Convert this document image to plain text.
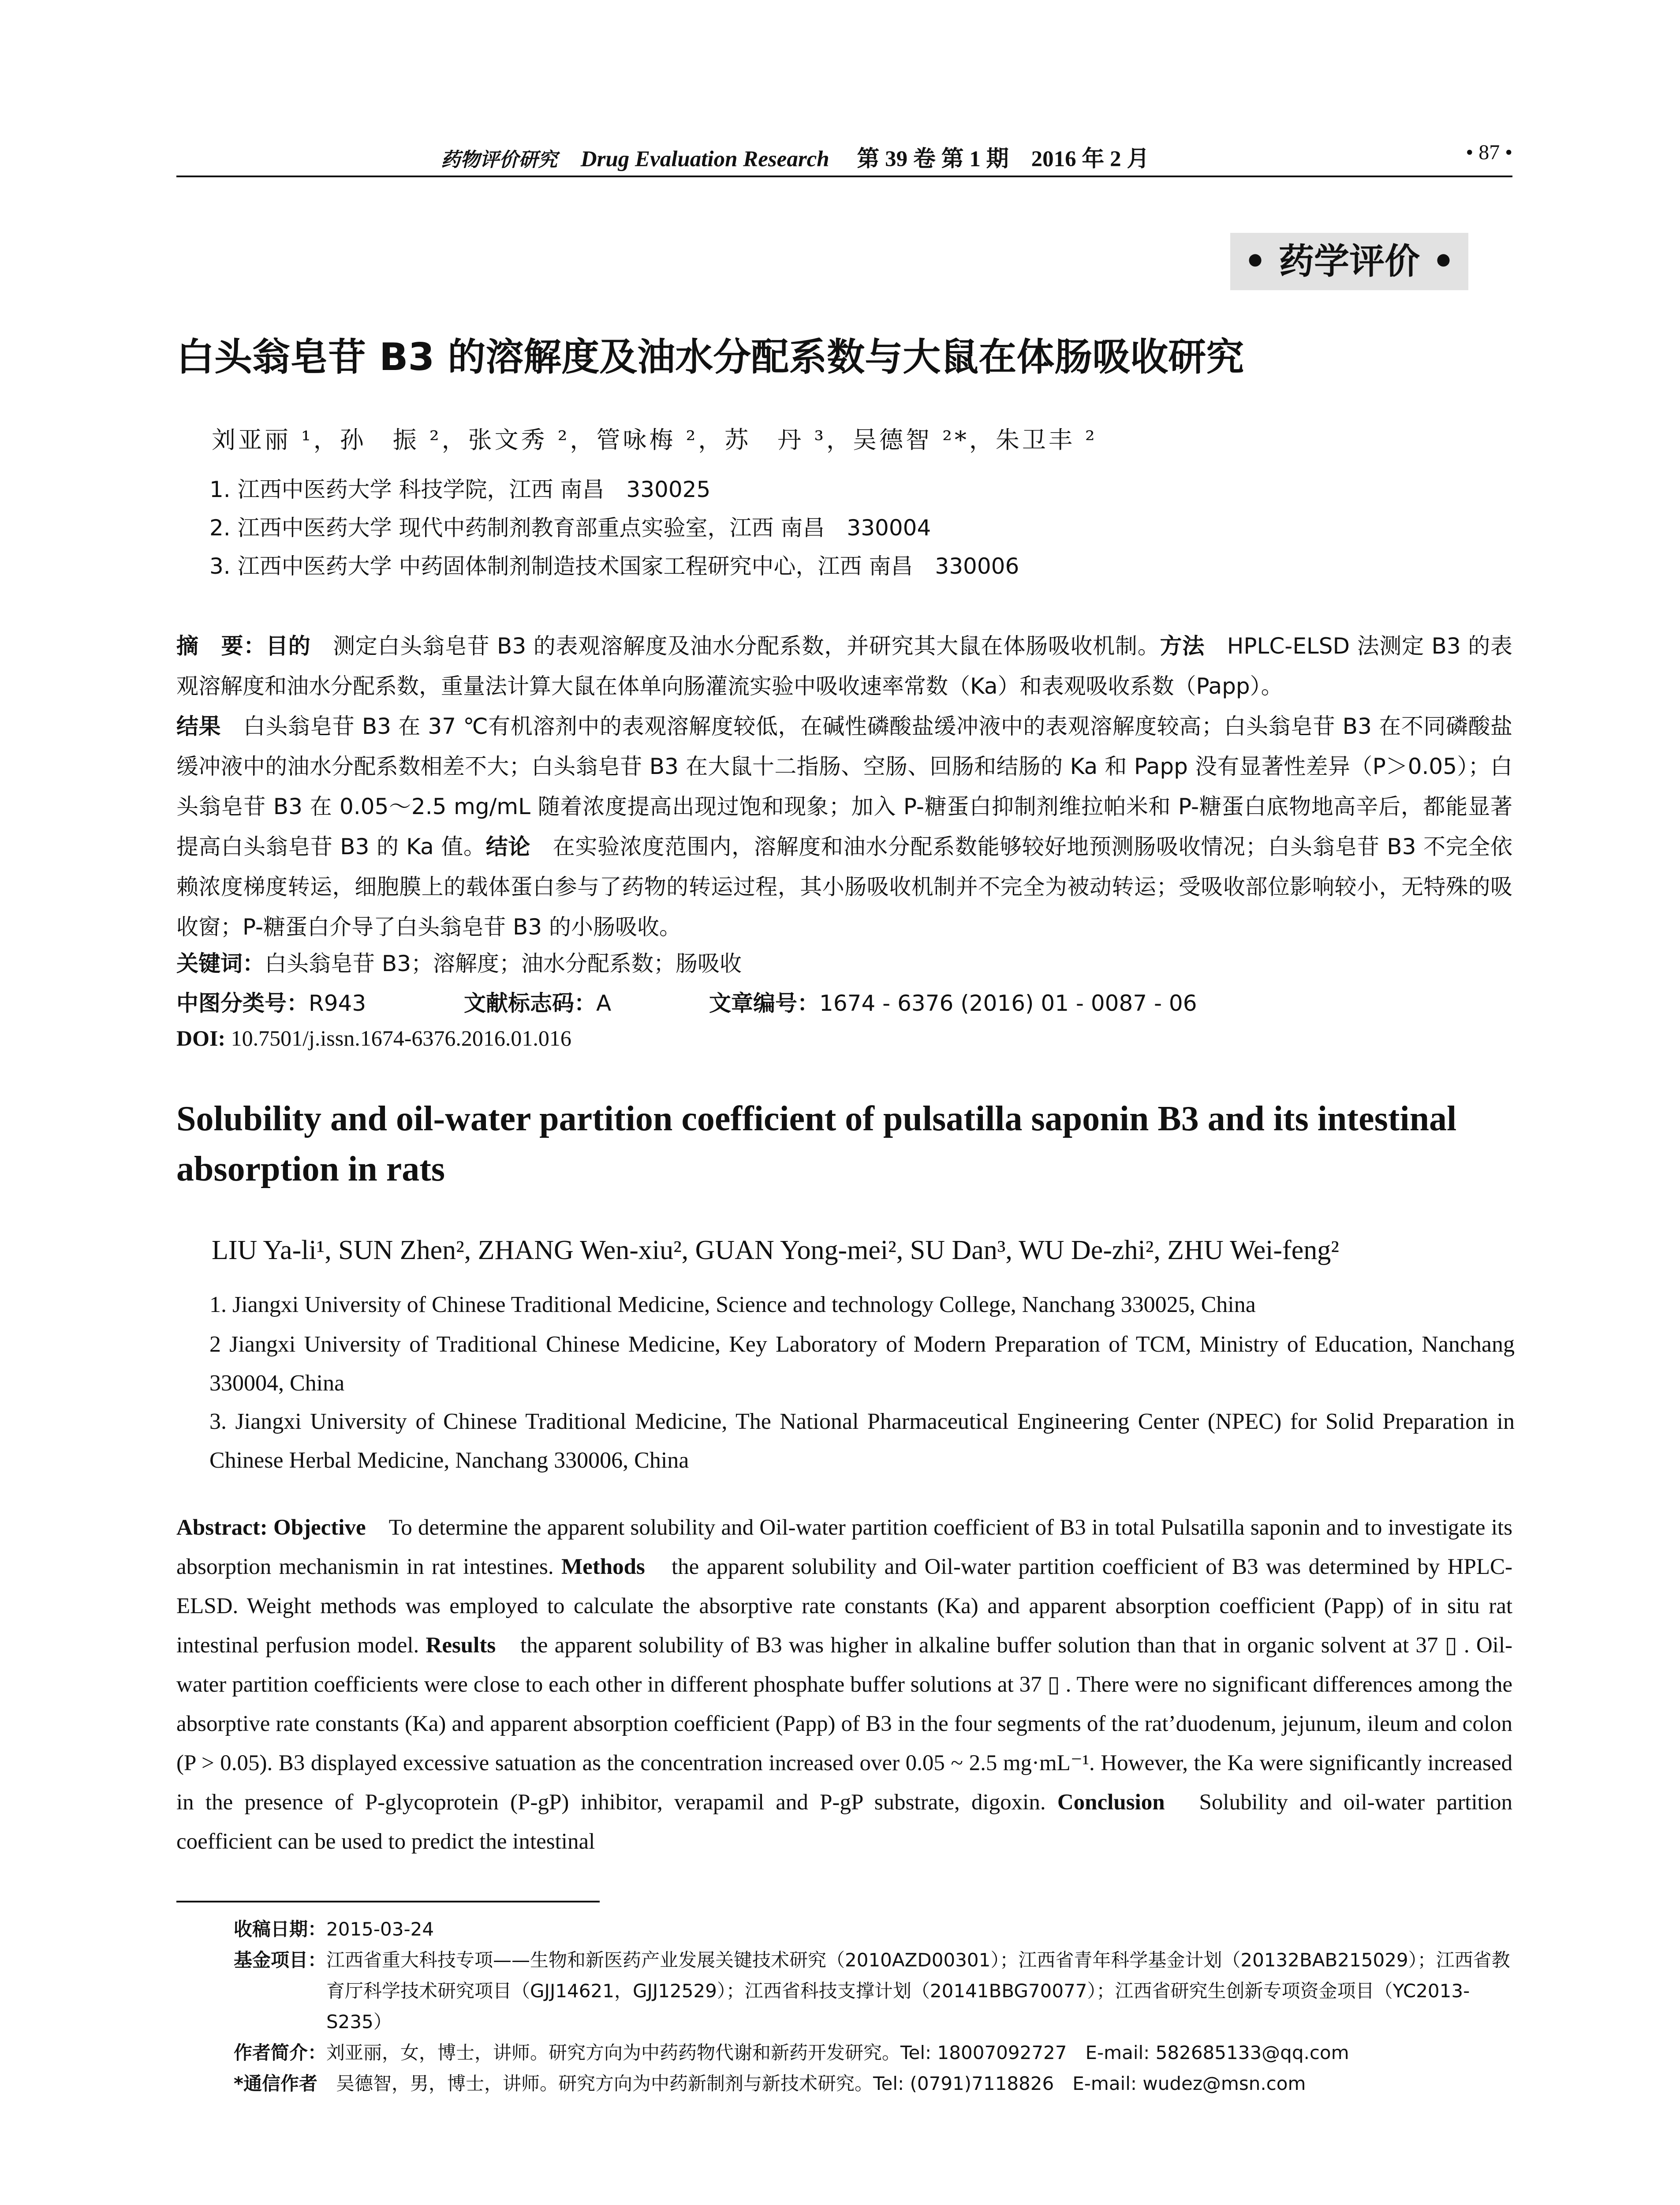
药物评价研究 Drug Evaluation Research 第 39 卷 第 1 期　2016 年 2 月	• 87 •
• 药学评价 •
白头翁皂苷 B3 的溶解度及油水分配系数与大鼠在体肠吸收研究
刘亚丽 ¹，孙　振 ²，张文秀 ²，管咏梅 ²，苏　丹 ³，吴德智 ²*，朱卫丰 ²
1. 江西中医药大学 科技学院，江西 南昌　330025
2. 江西中医药大学 现代中药制剂教育部重点实验室，江西 南昌　330004
3. 江西中医药大学 中药固体制剂制造技术国家工程研究中心，江西 南昌　330006
摘　要：目的　测定白头翁皂苷 B3 的表观溶解度及油水分配系数，并研究其大鼠在体肠吸收机制。方法　HPLC-ELSD 法测定 B3 的表观溶解度和油水分配系数，重量法计算大鼠在体单向肠灌流实验中吸收速率常数（Ka）和表观吸收系数（Papp）。
结果　白头翁皂苷 B3 在 37 ℃有机溶剂中的表观溶解度较低，在碱性磷酸盐缓冲液中的表观溶解度较高；白头翁皂苷 B3 在不同磷酸盐缓冲液中的油水分配系数相差不大；白头翁皂苷 B3 在大鼠十二指肠、空肠、回肠和结肠的 Ka 和 Papp 没有显著性差异（P＞0.05）；白头翁皂苷 B3 在 0.05～2.5 mg/mL 随着浓度提高出现过饱和现象；加入 P-糖蛋白抑制剂维拉帕米和 P-糖蛋白底物地高辛后，都能显著提高白头翁皂苷 B3 的 Ka 值。结论　在实验浓度范围内，溶解度和油水分配系数能够较好地预测肠吸收情况；白头翁皂苷 B3 不完全依赖浓度梯度转运，细胞膜上的载体蛋白参与了药物的转运过程，其小肠吸收机制并不完全为被动转运；受吸收部位影响较小，无特殊的吸收窗；P-糖蛋白介导了白头翁皂苷 B3 的小肠吸收。
关键词：白头翁皂苷 B3；溶解度；油水分配系数；肠吸收
中图分类号：R943	文献标志码：A	文章编号：1674 - 6376 (2016) 01 - 0087 - 06
DOI: 10.7501/j.issn.1674-6376.2016.01.016
Solubility and oil-water partition coefficient of pulsatilla saponin B3 and its intestinal absorption in rats
LIU Ya-li¹, SUN Zhen², ZHANG Wen-xiu², GUAN Yong-mei², SU Dan³, WU De-zhi², ZHU Wei-feng²
1. Jiangxi University of Chinese Traditional Medicine, Science and technology College, Nanchang 330025, China
2 Jiangxi University of Traditional Chinese Medicine, Key Laboratory of Modern Preparation of TCM, Ministry of Education, Nanchang 330004, China
3. Jiangxi University of Chinese Traditional Medicine, The National Pharmaceutical Engineering Center (NPEC) for Solid Preparation in Chinese Herbal Medicine, Nanchang 330006, China
Abstract: Objective　To determine the apparent solubility and Oil-water partition coefficient of B3 in total Pulsatilla saponin and to investigate its absorption mechanismin in rat intestines. Methods　the apparent solubility and Oil-water partition coefficient of B3 was determined by HPLC-ELSD. Weight methods was employed to calculate the absorptive rate constants (Ka) and apparent absorption coefficient (Papp) of in situ rat intestinal perfusion model. Results　the apparent solubility of B3 was higher in alkaline buffer solution than that in organic solvent at 37 ▯ . Oil-water partition coefficients were close to each other in different phosphate buffer solutions at 37 ▯ . There were no significant differences among the absorptive rate constants (Ka) and apparent absorption coefficient (Papp) of B3 in the four segments of the rat’duodenum, jejunum, ileum and colon (P > 0.05). B3 displayed excessive satuation as the concentration increased over 0.05 ~ 2.5 mg·mL⁻¹. However, the Ka were significantly increased in the presence of P-glycoprotein (P-gP) inhibitor, verapamil and P-gP substrate, digoxin. Conclusion　Solubility and oil-water partition coefficient can be used to predict the intestinal
收稿日期： 2015-03-24
基金项目： 江西省重大科技专项——生物和新医药产业发展关键技术研究（2010AZD00301）；江西省青年科学基金计划（20132BAB215029）；江西省教育厅科学技术研究项目（GJJ14621，GJJ12529）；江西省科技支撑计划（20141BBG70077）；江西省研究生创新专项资金项目（YC2013-S235）
作者简介： 刘亚丽，女，博士，讲师。研究方向为中药药物代谢和新药开发研究。Tel: 18007092727　E-mail: 582685133@qq.com
*通信作者 　吴德智，男，博士，讲师。研究方向为中药新制剂与新技术研究。Tel: (0791)7118826　E-mail: wudez@msn.com
